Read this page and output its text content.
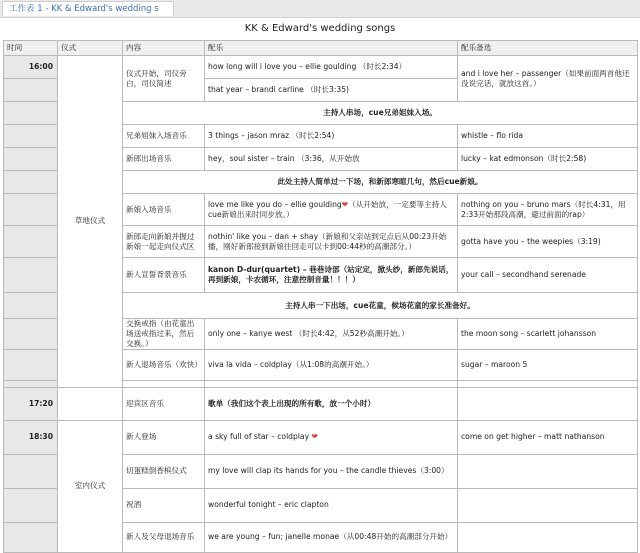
工作表 1 - KK & Edward's wedding s
KK & Edward's wedding songs
时间	仪式	内容	配乐	配乐备选
16:00	草地仪式	仪式开始，司仪旁白，司仪简述	how long will i love you – ellie goulding （时长2:34）	and i love her – passenger（如果前面两首他还没说完话，就放这首。）
			that year – brandi carline （时长3:35)	
		主持人串场，cue兄弟姐妹入场。		
		兄弟姐妹入场音乐	3 things – jason mraz （时长2:54)	whistle – flo rida
		新郎出场音乐	hey，soul sister – train （3:36，从开始放	lucky – kat edmonson（时长2:58)
		此处主持人简单过一下场，和新郎寒暄几句，然后cue新娘。		
		新娘入场音乐	love me like you do – ellie goulding❤（从开始放，一定要等主持人cue新娘出来时同步放。）	nothing on you – bruno mars（时长4:31，用2:33开始那段高潮，避过前面的rap）
		新郎走向新娘并握过新娘一起走向仪式区	nothin' like you – dan + shay（新娘和父亲站到定点后从00:23开始播，刚好新郎接到新娘往回走可以卡到00:44秒的高潮部分。）	gotta have you – the weepies（3:19)
		新人宣誓背景音乐	kanon D-dur(quartet) – 巷巷诗部（站定定，掀头纱，新郎先说话，再到新娘，卡农循环，注意控制音量！！！）	your call – secondhand serenade
		主持人串一下出场，cue花童，候场花童的家长准备好。		
		交换戒指（由花童出场送戒指过来，然后交换。）	only one – kanye west （时长4:42，从52秒高潮开始。）	the moon song – scarlett johansson
		新人退场音乐（欢快）	viva la vida – coldplay（从1:08的高潮开始。）	sugar – maroon 5

17:20		迎宾区音乐	歌单（我们这个表上出现的所有歌，放一个小时）	
18:30	室内仪式	新人登场	a sky full of star – coldplay ❤	come on get higher – matt nathanson
		切蛋糕倒香槟仪式	my love will clap its hands for you – the candle thieves（3:00）	
		祝酒	wonderful tonight – eric clapton	
		新人及父母退场音乐	we are young – fun; janelle monae（从00:48开始的高潮部分开始）	
